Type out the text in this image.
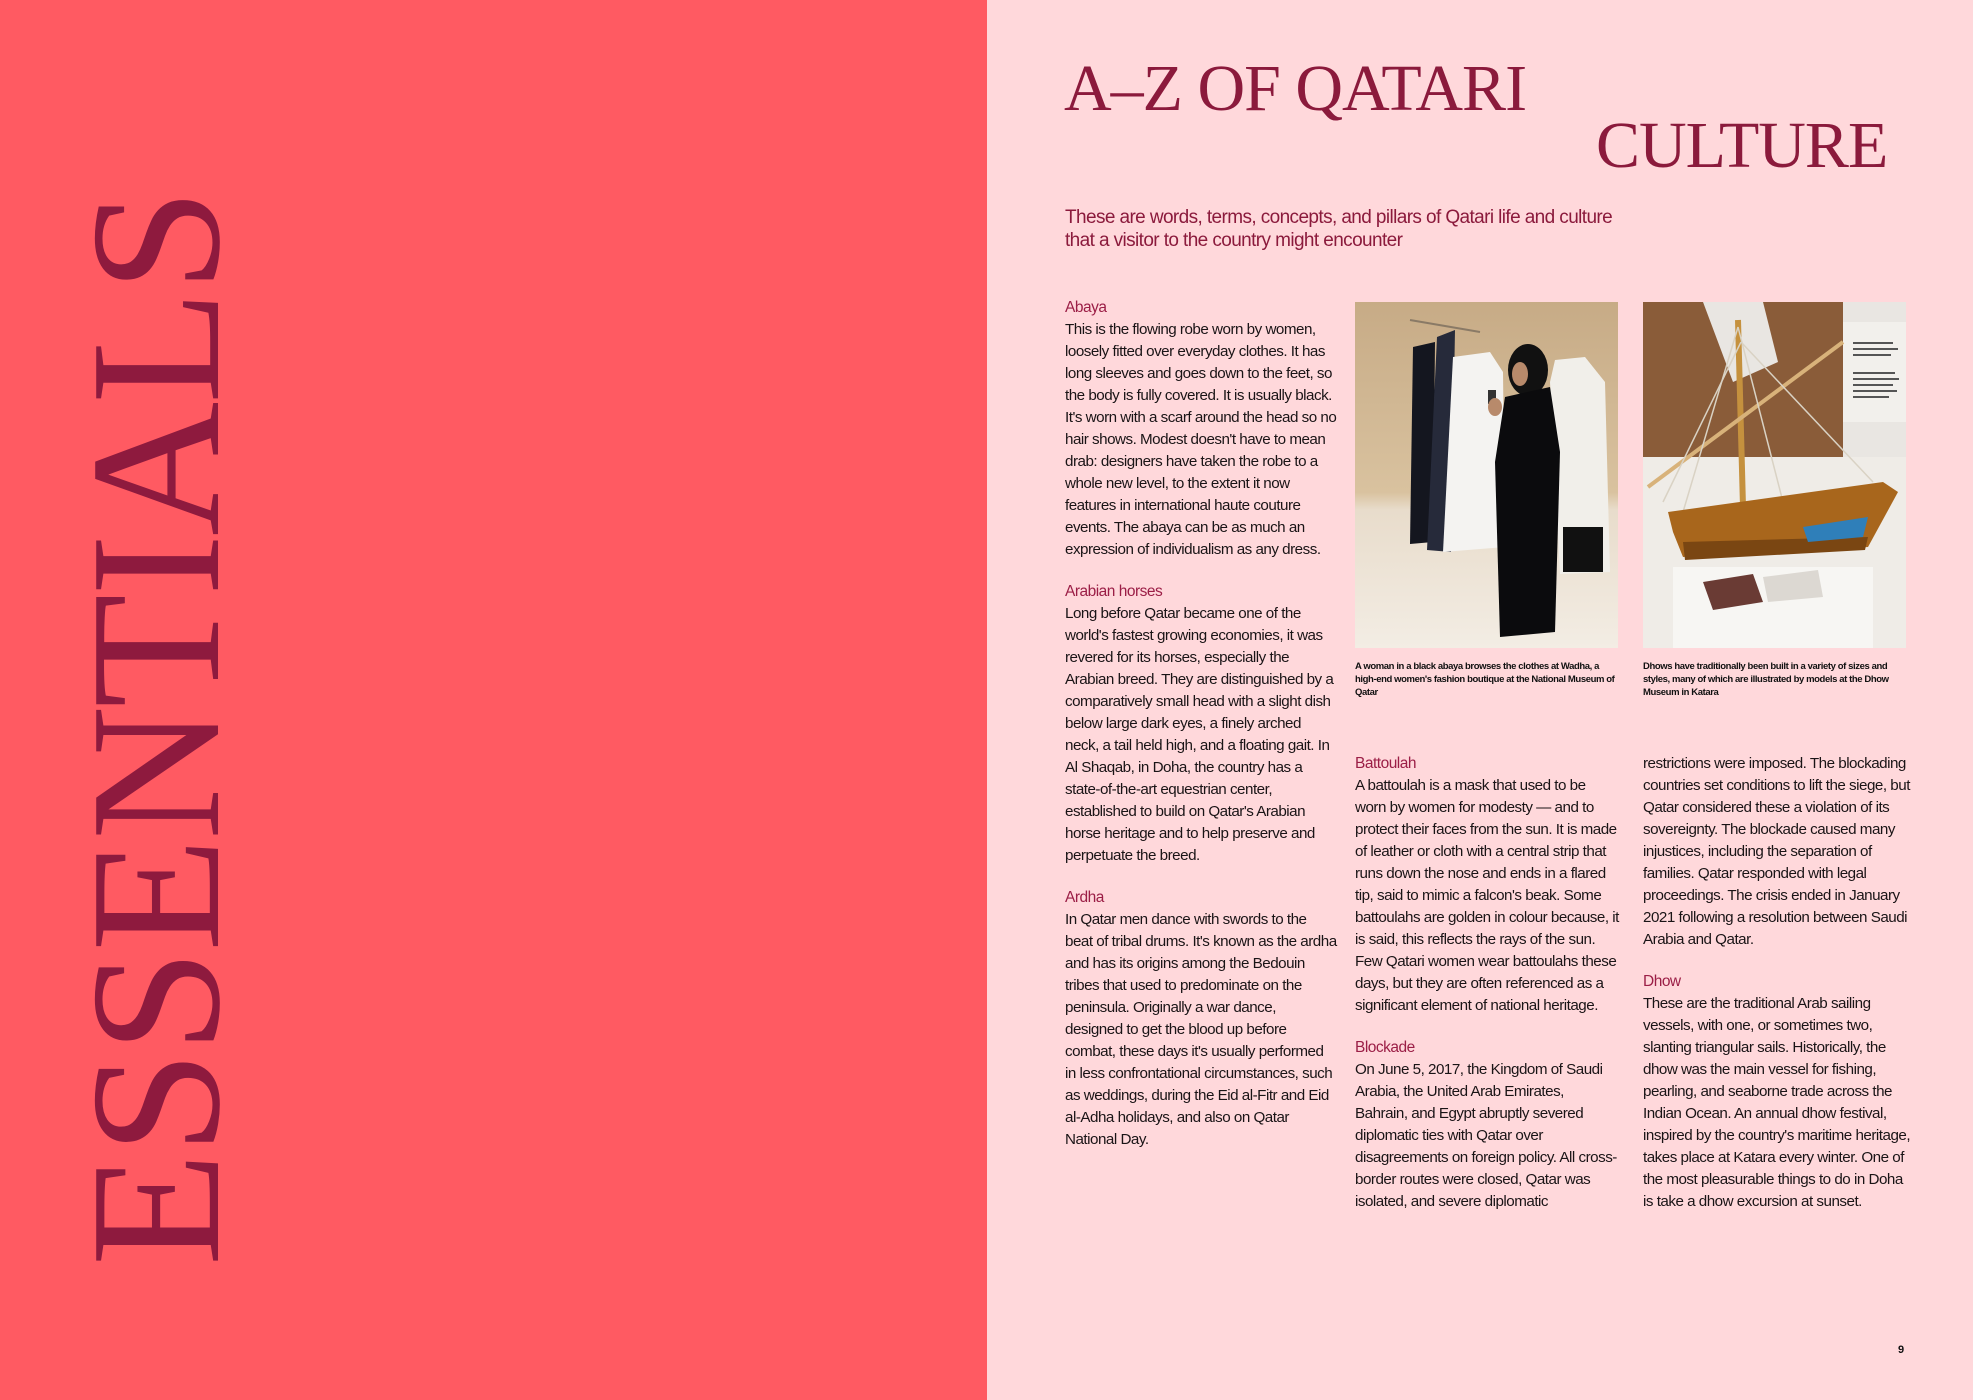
ESSENTIALS
A–Z OF QATARI
CULTURE
These are words, terms, concepts, and pillars of Qatari life and culture that a visitor to the country might encounter
Abaya

This is the flowing robe worn by women, loosely fitted over everyday clothes. It has long sleeves and goes down to the feet, so the body is fully covered. It is usually black. It's worn with a scarf around the head so no hair shows. Modest doesn't have to mean drab: designers have taken the robe to a whole new level, to the extent it now features in international haute couture events. The abaya can be as much an expression of individualism as any dress.

Arabian horses

Long before Qatar became one of the world's fastest growing economies, it was revered for its horses, especially the Arabian breed. They are distinguished by a comparatively small head with a slight dish below large dark eyes, a finely arched neck, a tail held high, and a floating gait. In Al Shaqab, in Doha, the country has a state-of-the-art equestrian center, established to build on Qatar's Arabian horse heritage and to help preserve and perpetuate the breed.

Ardha

In Qatar men dance with swords to the beat of tribal drums. It's known as the ardha and has its origins among the Bedouin tribes that used to predominate on the peninsula. Originally a war dance, designed to get the blood up before combat, these days it's usually performed in less confrontational circumstances, such as weddings, during the Eid al-Fitr and Eid al-Adha holidays, and also on Qatar National Day.

A woman in a black abaya browses the clothes at Wadha, a high-end women's fashion boutique at the National Museum of Qatar
Dhows have traditionally been built in a variety of sizes and styles, many of which are illustrated by models at the Dhow Museum in Katara
Battoulah

A battoulah is a mask that used to be worn by women for modesty — and to protect their faces from the sun. It is made of leather or cloth with a central strip that runs down the nose and ends in a flared tip, said to mimic a falcon's beak. Some battoulahs are golden in colour because, it is said, this reflects the rays of the sun. Few Qatari women wear battoulahs these days, but they are often referenced as a significant element of national heritage.

Blockade

On June 5, 2017, the Kingdom of Saudi Arabia, the United Arab Emirates, Bahrain, and Egypt abruptly severed diplomatic ties with Qatar over disagreements on foreign policy. All cross-border routes were closed, Qatar was isolated, and severe diplomatic

restrictions were imposed. The blockading countries set conditions to lift the siege, but Qatar considered these a violation of its sovereignty. The blockade caused many injustices, including the separation of families. Qatar responded with legal proceedings. The crisis ended in January 2021 following a resolution between Saudi Arabia and Qatar.

Dhow

These are the traditional Arab sailing vessels, with one, or sometimes two, slanting triangular sails. Historically, the dhow was the main vessel for fishing, pearling, and seaborne trade across the Indian Ocean. An annual dhow festival, inspired by the country's maritime heritage, takes place at Katara every winter. One of the most pleasurable things to do in Doha is take a dhow excursion at sunset.

9
